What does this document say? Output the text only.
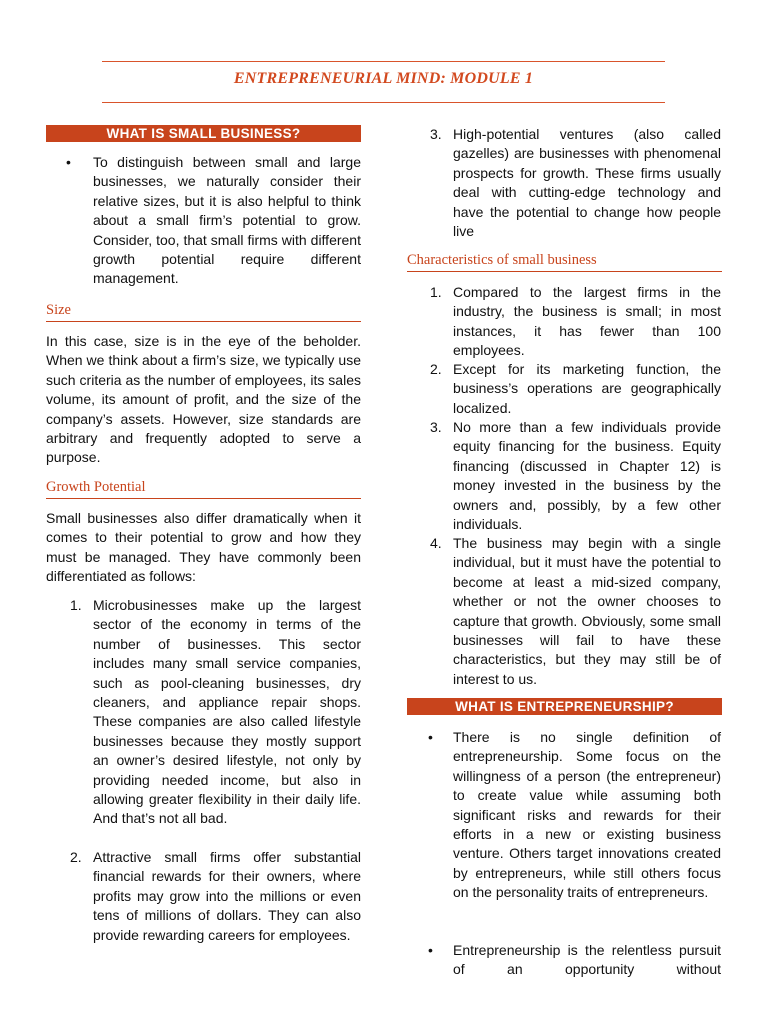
ENTREPRENEURIAL MIND: MODULE 1
WHAT IS SMALL BUSINESS?
• To distinguish between small and large businesses, we naturally consider their relative sizes, but it is also helpful to think about a small firm’s potential to grow. Consider, too, that small firms with different growth potential require different management.
Size

In this case, size is in the eye of the beholder. When we think about a firm’s size, we typically use such criteria as the number of employees, its sales volume, its amount of profit, and the size of the company’s assets. However, size standards are arbitrary and frequently adopted to serve a purpose.

Growth Potential

Small businesses also differ dramatically when it comes to their potential to grow and how they must be managed. They have commonly been differentiated as follows:

1. Microbusinesses make up the largest sector of the economy in terms of the number of businesses. This sector includes many small service companies, such as pool-cleaning businesses, dry cleaners, and appliance repair shops. These companies are also called lifestyle businesses because they mostly support an owner’s desired lifestyle, not only by providing needed income, but also in allowing greater flexibility in their daily life. And that’s not all bad.
2. Attractive small firms offer substantial financial rewards for their owners, where profits may grow into the millions or even tens of millions of dollars. They can also provide rewarding careers for employees.
3. High-potential ventures (also called gazelles) are businesses with phenomenal prospects for growth. These firms usually deal with cutting-edge technology and have the potential to change how people live
Characteristics of small business
1. Compared to the largest firms in the industry, the business is small; in most instances, it has fewer than 100 employees.
2. Except for its marketing function, the business’s operations are geographically localized.
3. No more than a few individuals provide equity financing for the business. Equity financing (discussed in Chapter 12) is money invested in the business by the owners and, possibly, by a few other individuals.
4. The business may begin with a single individual, but it must have the potential to become at least a mid-sized company, whether or not the owner chooses to capture that growth. Obviously, some small businesses will fail to have these characteristics, but they may still be of interest to us.
WHAT IS ENTREPRENEURSHIP?
• There is no single definition of entrepreneurship. Some focus on the willingness of a person (the entrepreneur) to create value while assuming both significant risks and rewards for their efforts in a new or existing business venture. Others target innovations created by entrepreneurs, while still others focus on the personality traits of entrepreneurs.
• Entrepreneurship is the relentless pursuit of an opportunity without
